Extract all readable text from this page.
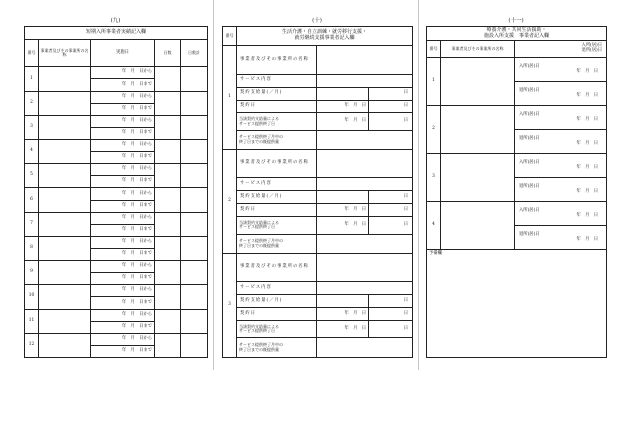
(九)
短期入所事業者実績記入欄				
番号	事業者及びその事業所の名称	実施日	日数	日数計
1		年　月　日から		
		年　月　日まで		
2		年　月　日から		
		年　月　日まで		
3		年　月　日から		
		年　月　日まで		
4		年　月　日から		
		年　月　日まで		
5		年　月　日から		
		年　月　日まで		
6		年　月　日から		
		年　月　日まで		
7		年　月　日から		
		年　月　日まで		
8		年　月　日から		
		年　月　日まで		
9		年　月　日から		
		年　月　日まで		
10		年　月　日から		
		年　月　日まで		
11		年　月　日から		
		年　月　日まで		
12		年　月　日から		
		年　月　日まで		
(十)
番号	生活介護・自立訓練・就労移行支援・
就労継続支援事業者記入欄		

1	事業者及びその事業所の名称		
	サービス内容		
	契約支給量(／月)		日
	契約日	年　月　日	日

	当該契約支給量による
サービス提供終了日	年　月　日	日

	サービス提供終了月中の
終了日までの既提供量		

2	事業者及びその事業所の名称		
	サービス内容		
	契約支給量(／月)		日
	契約日	年　月　日	日

	当該契約支給量による
サービス提供終了日	年　月　日	日

	サービス提供終了月中の
終了日までの既提供量		

3	事業者及びその事業所の名称		
	サービス内容		
	契約支給量(／月)		日
	契約日	年　月　日	日

	当該契約支給量による
サービス提供終了日	年　月　日	日

	サービス提供終了月中の
終了日までの既提供量		

(十一)
療養介護・共同生活援助・
施設入所支援　事業者記入欄		

番号	事業者及びその事業所の名称	入所(居)日
退所(居)日

1		入所(居)日
年　月　日

		退所(居)日
年　月　日

2		入所(居)日
年　月　日

		退所(居)日
年　月　日

3		入所(居)日
年　月　日

		退所(居)日
年　月　日

4		入所(居)日
年　月　日

		退所(居)日
年　月　日

予備欄		
